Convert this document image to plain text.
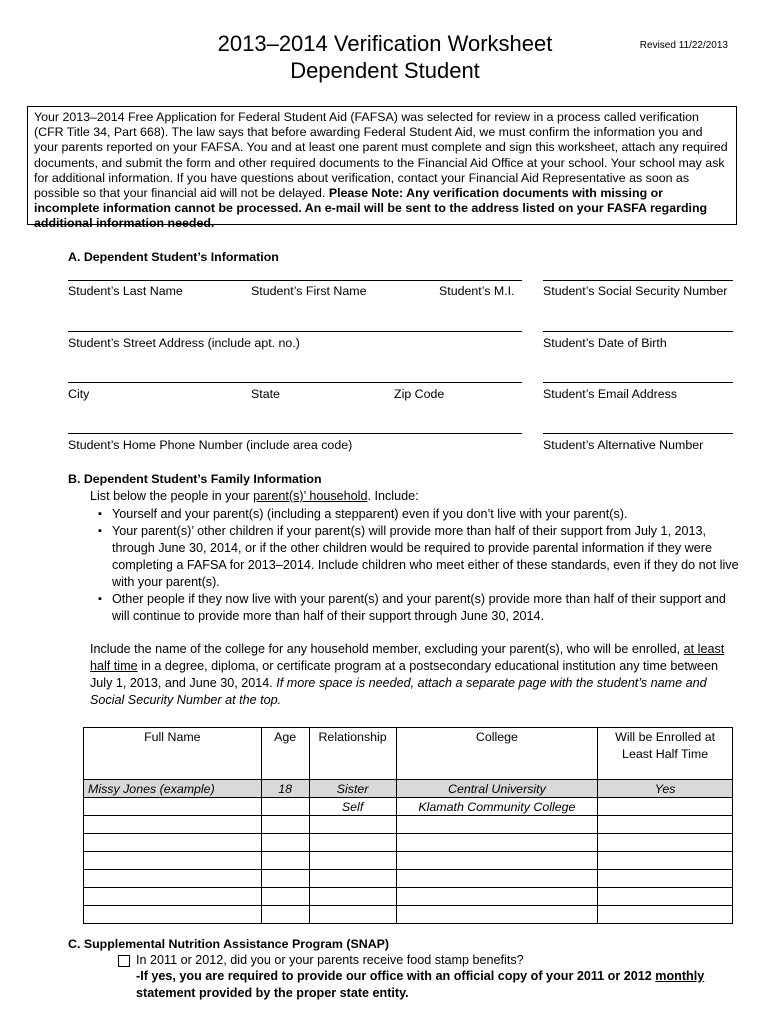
2013–2014 Verification Worksheet
Dependent Student
Revised 11/22/2013
Your 2013–2014 Free Application for Federal Student Aid (FAFSA) was selected for review in a process called verification (CFR Title 34, Part 668). The law says that before awarding Federal Student Aid, we must confirm the information you and your parents reported on your FAFSA. You and at least one parent must complete and sign this worksheet, attach any required documents, and submit the form and other required documents to the Financial Aid Office at your school. Your school may ask for additional information. If you have questions about verification, contact your Financial Aid Representative as soon as possible so that your financial aid will not be delayed. Please Note: Any verification documents with missing or incomplete information cannot be processed. An e-mail will be sent to the address listed on your FASFA regarding additional information needed.
A. Dependent Student’s Information
Student’s Last Name	Student’s First Name	Student’s M.I. Student’s Social Security Number
Student’s Street Address (include apt. no.)	Student’s Date of Birth
City	State	Zip Code	Student’s Email Address
Student’s Home Phone Number (include area code)	Student’s Alternative Number
B. Dependent Student’s Family Information
List below the people in your parent(s)’ household. Include:
▪ Yourself and your parent(s) (including a stepparent) even if you don’t live with your parent(s).
▪ Your parent(s)’ other children if your parent(s) will provide more than half of their support from July 1, 2013, through June 30, 2014, or if the other children would be required to provide parental information if they were completing a FAFSA for 2013–2014. Include children who meet either of these standards, even if they do not live with your parent(s).
▪ Other people if they now live with your parent(s) and your parent(s) provide more than half of their support and will continue to provide more than half of their support through June 30, 2014.
Include the name of the college for any household member, excluding your parent(s), who will be enrolled, at least half time in a degree, diploma, or certificate program at a postsecondary educational institution any time between July 1, 2013, and June 30, 2014. If more space is needed, attach a separate page with the student’s name and Social Security Number at the top.
Full Name	Age	Relationship	College	Will be Enrolled at Least Half Time
Missy Jones (example)	18	Sister	Central University	Yes
		Self	Klamath Community College	

C. Supplemental Nutrition Assistance Program (SNAP)
In 2011 or 2012, did you or your parents receive food stamp benefits?
-If yes, you are required to provide our office with an official copy of your 2011 or 2012 monthly
statement provided by the proper state entity.
